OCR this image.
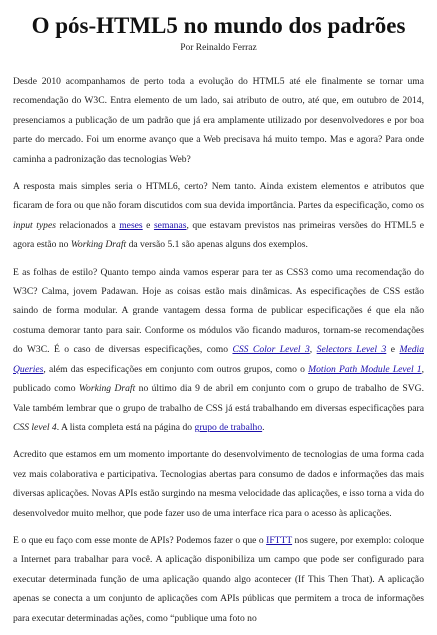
O pós-HTML5 no mundo dos padrões

Por Reinaldo Ferraz

Desde 2010 acompanhamos de perto toda a evolução do HTML5 até ele finalmente se tornar uma recomendação do W3C. Entra elemento de um lado, sai atributo de outro, até que, em outubro de 2014, presenciamos a publicação de um padrão que já era amplamente utilizado por desenvolvedores e por boa parte do mercado. Foi um enorme avanço que a Web precisava há muito tempo. Mas e agora? Para onde caminha a padronização das tecnologias Web?

A resposta mais simples seria o HTML6, certo? Nem tanto. Ainda existem elementos e atributos que ficaram de fora ou que não foram discutidos com sua devida importância. Partes da especificação, como os input types relacionados a meses e semanas, que estavam previstos nas primeiras versões do HTML5 e agora estão no Working Draft da versão 5.1 são apenas alguns dos exemplos.

E as folhas de estilo? Quanto tempo ainda vamos esperar para ter as CSS3 como uma recomendação do W3C? Calma, jovem Padawan. Hoje as coisas estão mais dinâmicas. As especificações de CSS estão saindo de forma modular. A grande vantagem dessa forma de publicar especificações é que ela não costuma demorar tanto para sair. Conforme os módulos vão ficando maduros, tornam-se recomendações do W3C. É o caso de diversas especificações, como CSS Color Level 3, Selectors Level 3 e Media Queries, além das especificações em conjunto com outros grupos, como o Motion Path Module Level 1, publicado como Working Draft no último dia 9 de abril em conjunto com o grupo de trabalho de SVG. Vale também lembrar que o grupo de trabalho de CSS já está trabalhando em diversas especificações para CSS level 4. A lista completa está na página do grupo de trabalho.

Acredito que estamos em um momento importante do desenvolvimento de tecnologias de uma forma cada vez mais colaborativa e participativa. Tecnologias abertas para consumo de dados e informações das mais diversas aplicações. Novas APIs estão surgindo na mesma velocidade das aplicações, e isso torna a vida do desenvolvedor muito melhor, que pode fazer uso de uma interface rica para o acesso às aplicações.

E o que eu faço com esse monte de APIs? Podemos fazer o que o IFTTT nos sugere, por exemplo: coloque a Internet para trabalhar para você. A aplicação disponibiliza um campo que pode ser configurado para executar determinada função de uma aplicação quando algo acontecer (If This Then That). A aplicação apenas se conecta a um conjunto de aplicações com APIs públicas que permitem a troca de informações para executar determinadas ações, como “publique uma foto no
